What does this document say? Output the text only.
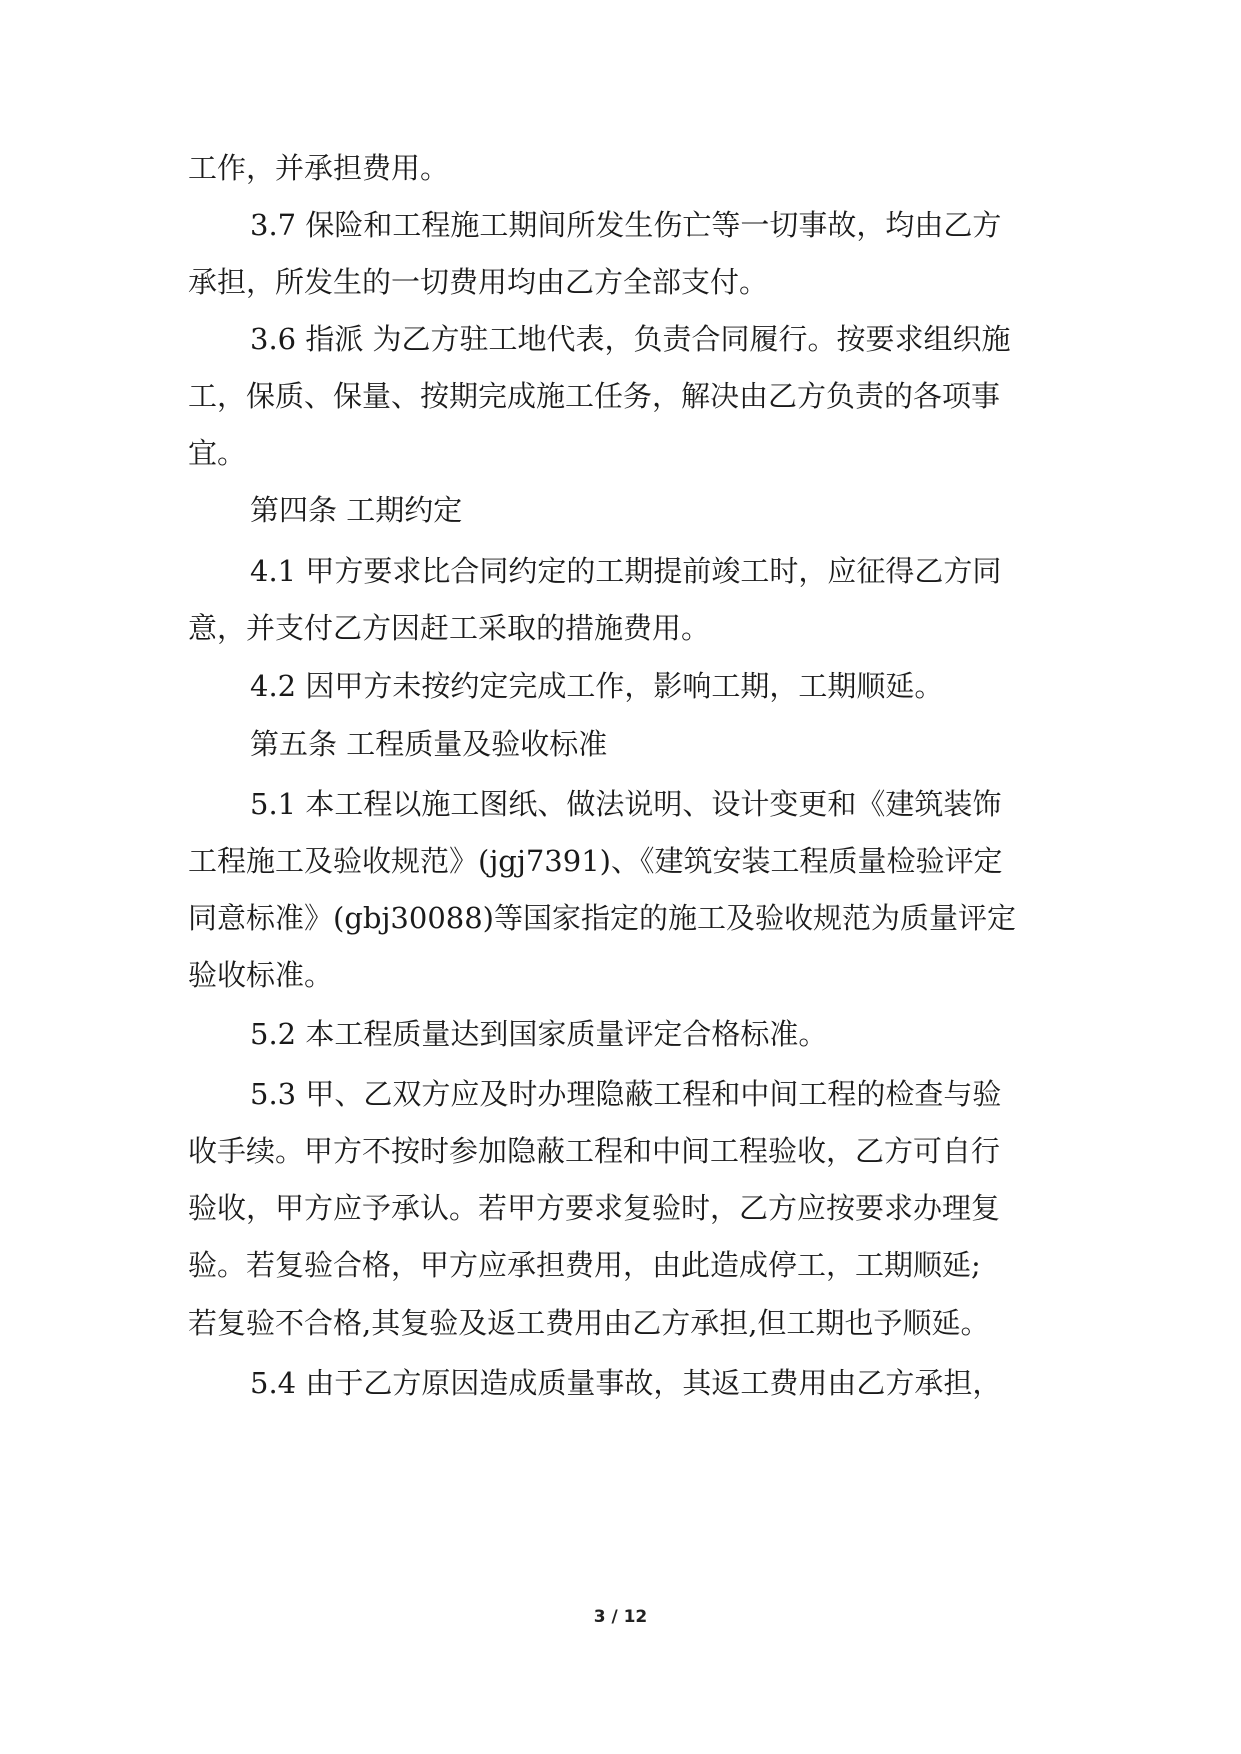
工作，并承担费用。
3.7 保险和工程施工期间所发生伤亡等一切事故，均由乙方
承担，所发生的一切费用均由乙方全部支付。
3.6 指派 为乙方驻工地代表，负责合同履行。按要求组织施
工，保质、保量、按期完成施工任务，解决由乙方负责的各项事
宜。
第四条 工期约定
4.1 甲方要求比合同约定的工期提前竣工时，应征得乙方同
意，并支付乙方因赶工采取的措施费用。
4.2 因甲方未按约定完成工作，影响工期，工期顺延。
第五条 工程质量及验收标准
5.1 本工程以施工图纸、做法说明、设计变更和《建筑装饰
工程施工及验收规范》(jgj7391)、《建筑安装工程质量检验评定
同意标准》(gbj30088)等国家指定的施工及验收规范为质量评定
验收标准。
5.2 本工程质量达到国家质量评定合格标准。
5.3 甲、乙双方应及时办理隐蔽工程和中间工程的检查与验
收手续。甲方不按时参加隐蔽工程和中间工程验收，乙方可自行
验收，甲方应予承认。若甲方要求复验时，乙方应按要求办理复
验。若复验合格，甲方应承担费用，由此造成停工，工期顺延;
若复验不合格,其复验及返工费用由乙方承担,但工期也予顺延。
5.4 由于乙方原因造成质量事故，其返工费用由乙方承担，
3 / 12
